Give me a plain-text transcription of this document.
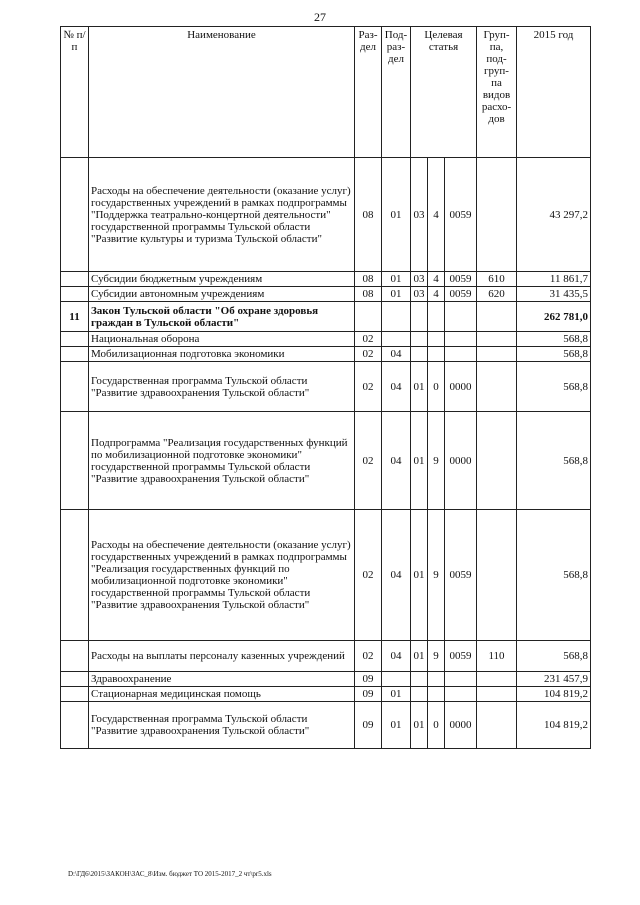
27
№ п/п	Наименование	Раз-дел	Под-раз-дел	Целевая статья			Груп-па, под-груп-па видов расхо-дов	2015 год
	Расходы на обеспечение деятельности (оказание услуг) государственных учреждений в рамках подпрограммы "Поддержка театрально-концертной деятельности" государственной программы Тульской области "Развитие культуры и туризма Тульской области"	08	01	03	4	0059		43 297,2
	Субсидии бюджетным учреждениям	08	01	03	4	0059	610	11 861,7
	Субсидии автономным учреждениям	08	01	03	4	0059	620	31 435,5
11	Закон Тульской области "Об охране здоровья граждан в Тульской области"							262 781,0
	Национальная оборона	02						568,8
	Мобилизационная подготовка экономики	02	04					568,8
	Государственная программа Тульской области "Развитие здравоохранения Тульской области"	02	04	01	0	0000		568,8
	Подпрограмма "Реализация государственных функций по мобилизационной подготовке экономики" государственной программы Тульской области "Развитие здравоохранения Тульской области"	02	04	01	9	0000		568,8
	Расходы на обеспечение деятельности (оказание услуг) государственных учреждений в рамках подпрограммы "Реализация государственных функций по мобилизационной подготовке экономики" государственной программы Тульской области "Развитие здравоохранения Тульской области"	02	04	01	9	0059		568,8
	Расходы на выплаты персоналу казенных учреждений	02	04	01	9	0059	110	568,8
	Здравоохранение	09						231 457,9
	Стационарная медицинская помощь	09	01					104 819,2
	Государственная программа Тульской области "Развитие здравоохранения Тульской области"	09	01	01	0	0000		104 819,2
D:\ГД6\2015\ЗАКОН\ЗАС_8\Изм. бюджет ТО 2015-2017_2 чт\pr5.xls
